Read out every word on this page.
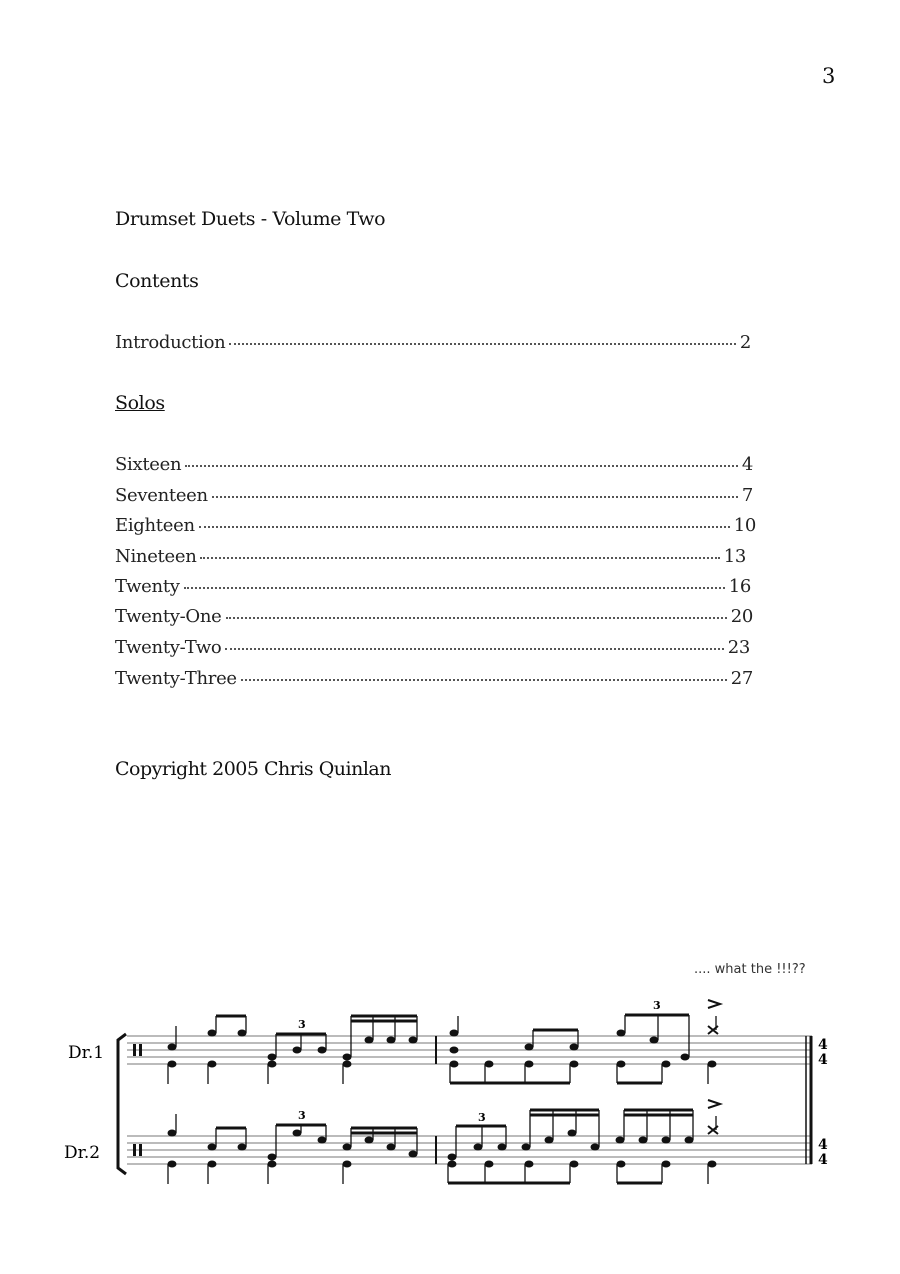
3
Drumset Duets - Volume Two
Contents
Introduction	2
Solos
Sixteen	4
Seventeen	7
Eighteen	10
Nineteen	13
Twenty	16
Twenty-One	20
Twenty-Two	23
Twenty-Three	27
Copyright 2005 Chris Quinlan
.... what the !!!??
Dr.1
Dr.2
4
4
4
4
3
3
3	3
